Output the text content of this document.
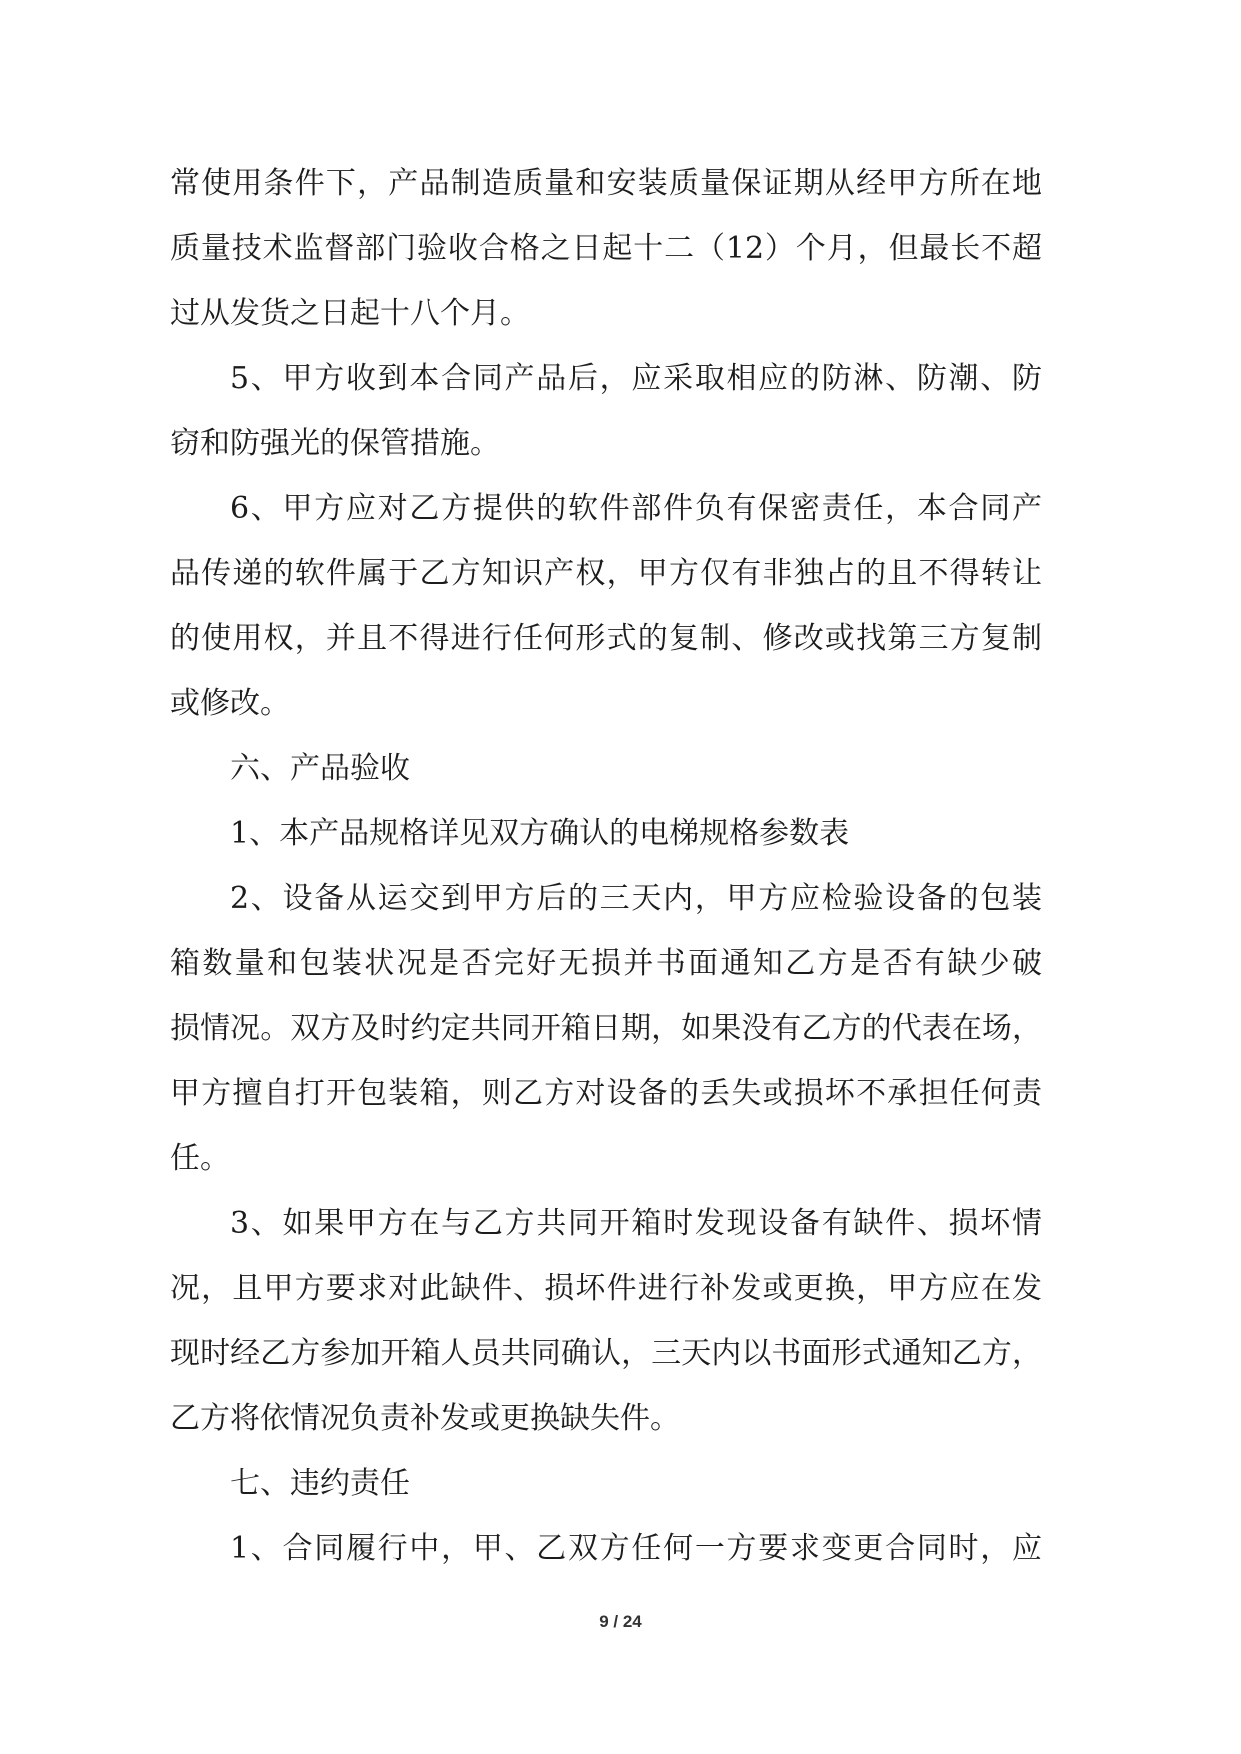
常使用条件下，产品制造质量和安装质量保证期从经甲方所在地
质量技术监督部门验收合格之日起十二（12）个月，但最长不超
过从发货之日起十八个月。
5、甲方收到本合同产品后，应采取相应的防淋、防潮、防
窃和防强光的保管措施。
6、甲方应对乙方提供的软件部件负有保密责任，本合同产
品传递的软件属于乙方知识产权，甲方仅有非独占的且不得转让
的使用权，并且不得进行任何形式的复制、修改或找第三方复制
或修改。
六、产品验收
1、本产品规格详见双方确认的电梯规格参数表
2、设备从运交到甲方后的三天内，甲方应检验设备的包装
箱数量和包装状况是否完好无损并书面通知乙方是否有缺少破
损情况。双方及时约定共同开箱日期，如果没有乙方的代表在场，
甲方擅自打开包装箱，则乙方对设备的丢失或损坏不承担任何责
任。
3、如果甲方在与乙方共同开箱时发现设备有缺件、损坏情
况，且甲方要求对此缺件、损坏件进行补发或更换，甲方应在发
现时经乙方参加开箱人员共同确认，三天内以书面形式通知乙方，
乙方将依情况负责补发或更换缺失件。
七、违约责任
1、合同履行中，甲、乙双方任何一方要求变更合同时，应
9 / 24
